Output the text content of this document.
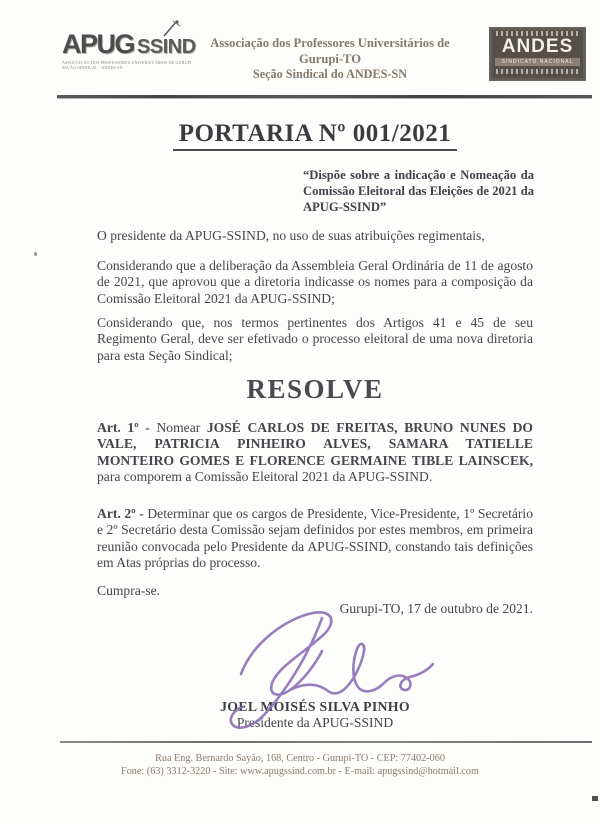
APUG SSIND
ASSOCIAÇÃO DOS PROFESSORES UNIVERSITÁRIOS DE GURUPI
SEÇÃO SINDICAL - ANDES-SN
Associação dos Professores Universitários de Gurupi-TO
Seção Sindical do ANDES-SN
ANDES
SINDICATO NACIONAL
PORTARIA Nº 001/2021
“Dispõe sobre a indicação e Nomeação da Comissão Eleitoral das Eleições de 2021 da APUG-SSIND”
O presidente da APUG-SSIND, no uso de suas atribuições regimentais,
Considerando que a deliberação da Assembleia Geral Ordinária de 11 de agosto de 2021, que aprovou que a diretoria indicasse os nomes para a composição da Comissão Eleitoral 2021 da APUG-SSIND;
Considerando que, nos termos pertinentes dos Artigos 41 e 45 de seu Regimento Geral, deve ser efetivado o processo eleitoral de uma nova diretoria para esta Seção Sindical;
RESOLVE
Art. 1º - Nomear JOSÉ CARLOS DE FREITAS, BRUNO NUNES DO VALE, PATRICIA PINHEIRO ALVES, SAMARA TATIELLE MONTEIRO GOMES E FLORENCE GERMAINE TIBLE LAINSCEK, para comporem a Comissão Eleitoral 2021 da APUG-SSIND.
Art. 2º - Determinar que os cargos de Presidente, Vice-Presidente, 1º Secretário e 2º Secretário desta Comissão sejam definidos por estes membros, em primeira reunião convocada pelo Presidente da APUG-SSIND, constando tais definições em Atas próprias do processo.
Cumpra-se.
Gurupi-TO, 17 de outubro de 2021.
JOEL MOISÉS SILVA PINHO
Presidente da APUG-SSIND
Rua Eng. Bernardo Sayão, 168, Centro - Gurupi-TO - CEP: 77402-060
Fone: (63) 3312-3220 - Site: www.apugssind.com.br - E-mail: apugssind@hotmail.com
